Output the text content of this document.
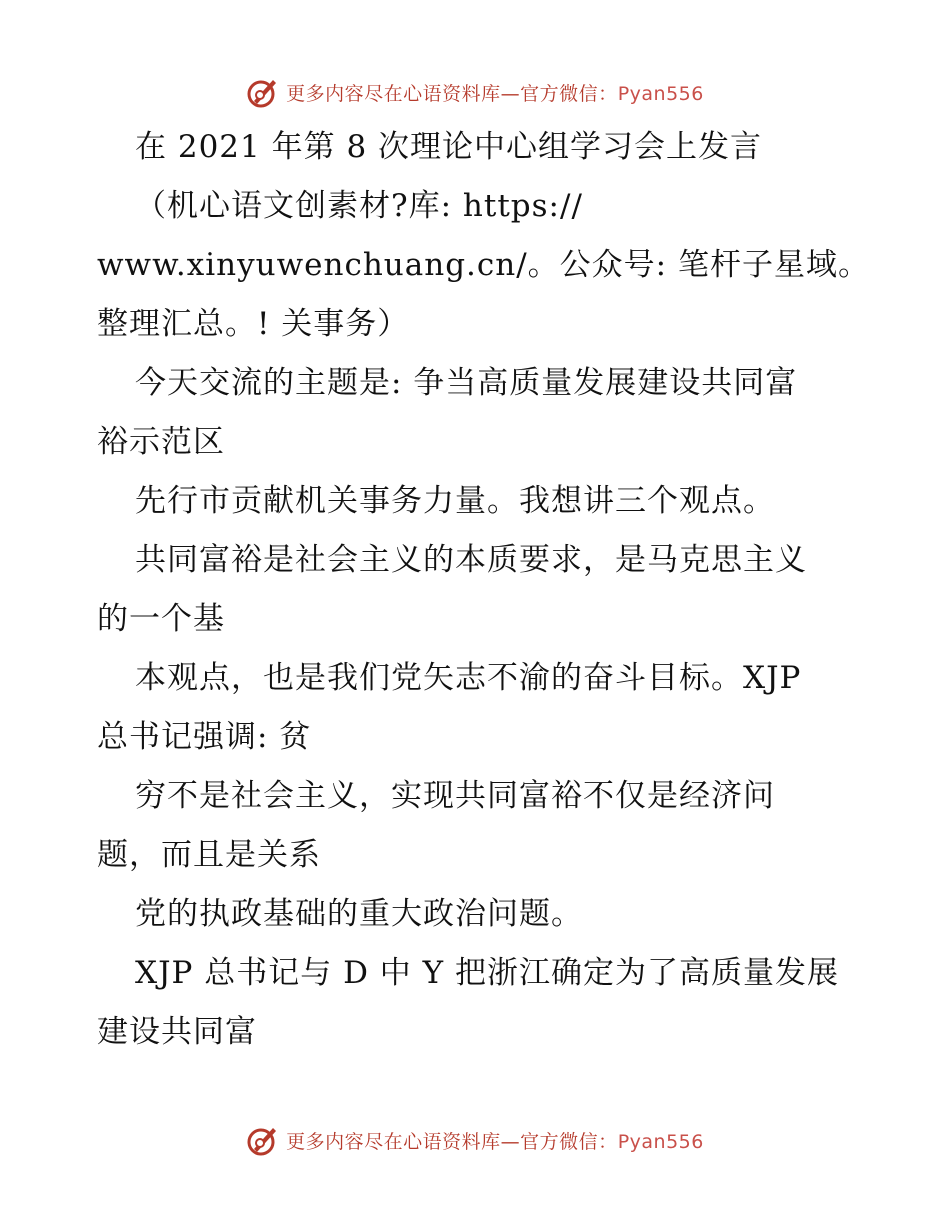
更多内容尽在心语资料库—官方微信：Pyan556
在 2021 年第 8 次理论中心组学习会上发言
（机心语文创素材?库: https://
www.xinyuwenchuang.cn/。公众号: 笔杆子星域。
整理汇总。! 关事务）
今天交流的主题是: 争当高质量发展建设共同富
裕示范区
先行市贡献机关事务力量。我想讲三个观点。
共同富裕是社会主义的本质要求，是马克思主义
的一个基
本观点，也是我们党矢志不渝的奋斗目标。XJP
总书记强调: 贫
穷不是社会主义，实现共同富裕不仅是经济问
题，而且是关系
党的执政基础的重大政治问题。
XJP 总书记与 D 中 Y 把浙江确定为了高质量发展
建设共同富
更多内容尽在心语资料库—官方微信：Pyan556
